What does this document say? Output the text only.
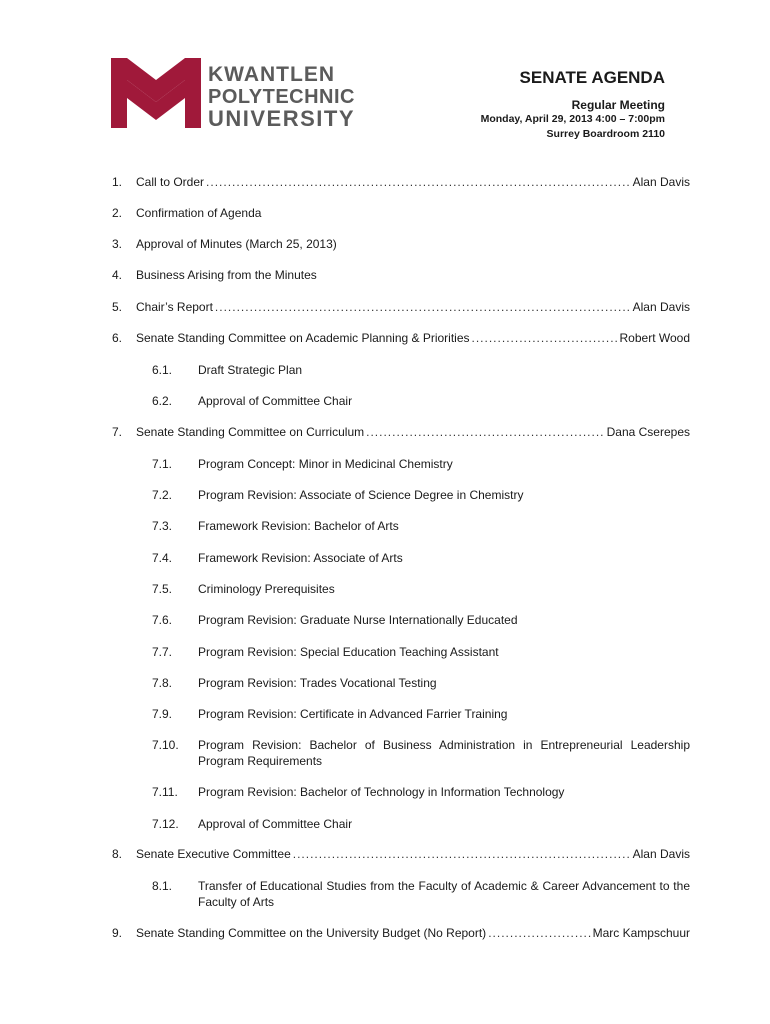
KWANTLEN
POLYTECHNIC
UNIVERSITY
SENATE AGENDA
Regular Meeting
Monday, April 29, 2013 4:00 – 7:00pm
Surrey Boardroom 2110
1.	Call to Order .....	Alan Davis
2.	Confirmation of Agenda
3.	Approval of Minutes (March 25, 2013)
4.	Business Arising from the Minutes
5.	Chair’s Report .....	Alan Davis
6.	Senate Standing Committee on Academic Planning & Priorities .....	Robert Wood
6.1.	Draft Strategic Plan
6.2.	Approval of Committee Chair
7.	Senate Standing Committee on Curriculum .....	Dana Cserepes
7.1.	Program Concept: Minor in Medicinal Chemistry
7.2.	Program Revision: Associate of Science Degree in Chemistry
7.3.	Framework Revision: Bachelor of Arts
7.4.	Framework Revision: Associate of Arts
7.5.	Criminology Prerequisites
7.6.	Program Revision: Graduate Nurse Internationally Educated
7.7.	Program Revision: Special Education Teaching Assistant
7.8.	Program Revision: Trades Vocational Testing
7.9.	Program Revision: Certificate in Advanced Farrier Training
7.10.	Program Revision: Bachelor of Business Administration in Entrepreneurial Leadership Program Requirements
7.11.	Program Revision: Bachelor of Technology in Information Technology
7.12.	Approval of Committee Chair
8.	Senate Executive Committee .....	Alan Davis
8.1.	Transfer of Educational Studies from the Faculty of Academic & Career Advancement to the Faculty of Arts
9.	Senate Standing Committee on the University Budget (No Report) .....	Marc Kampschuur
